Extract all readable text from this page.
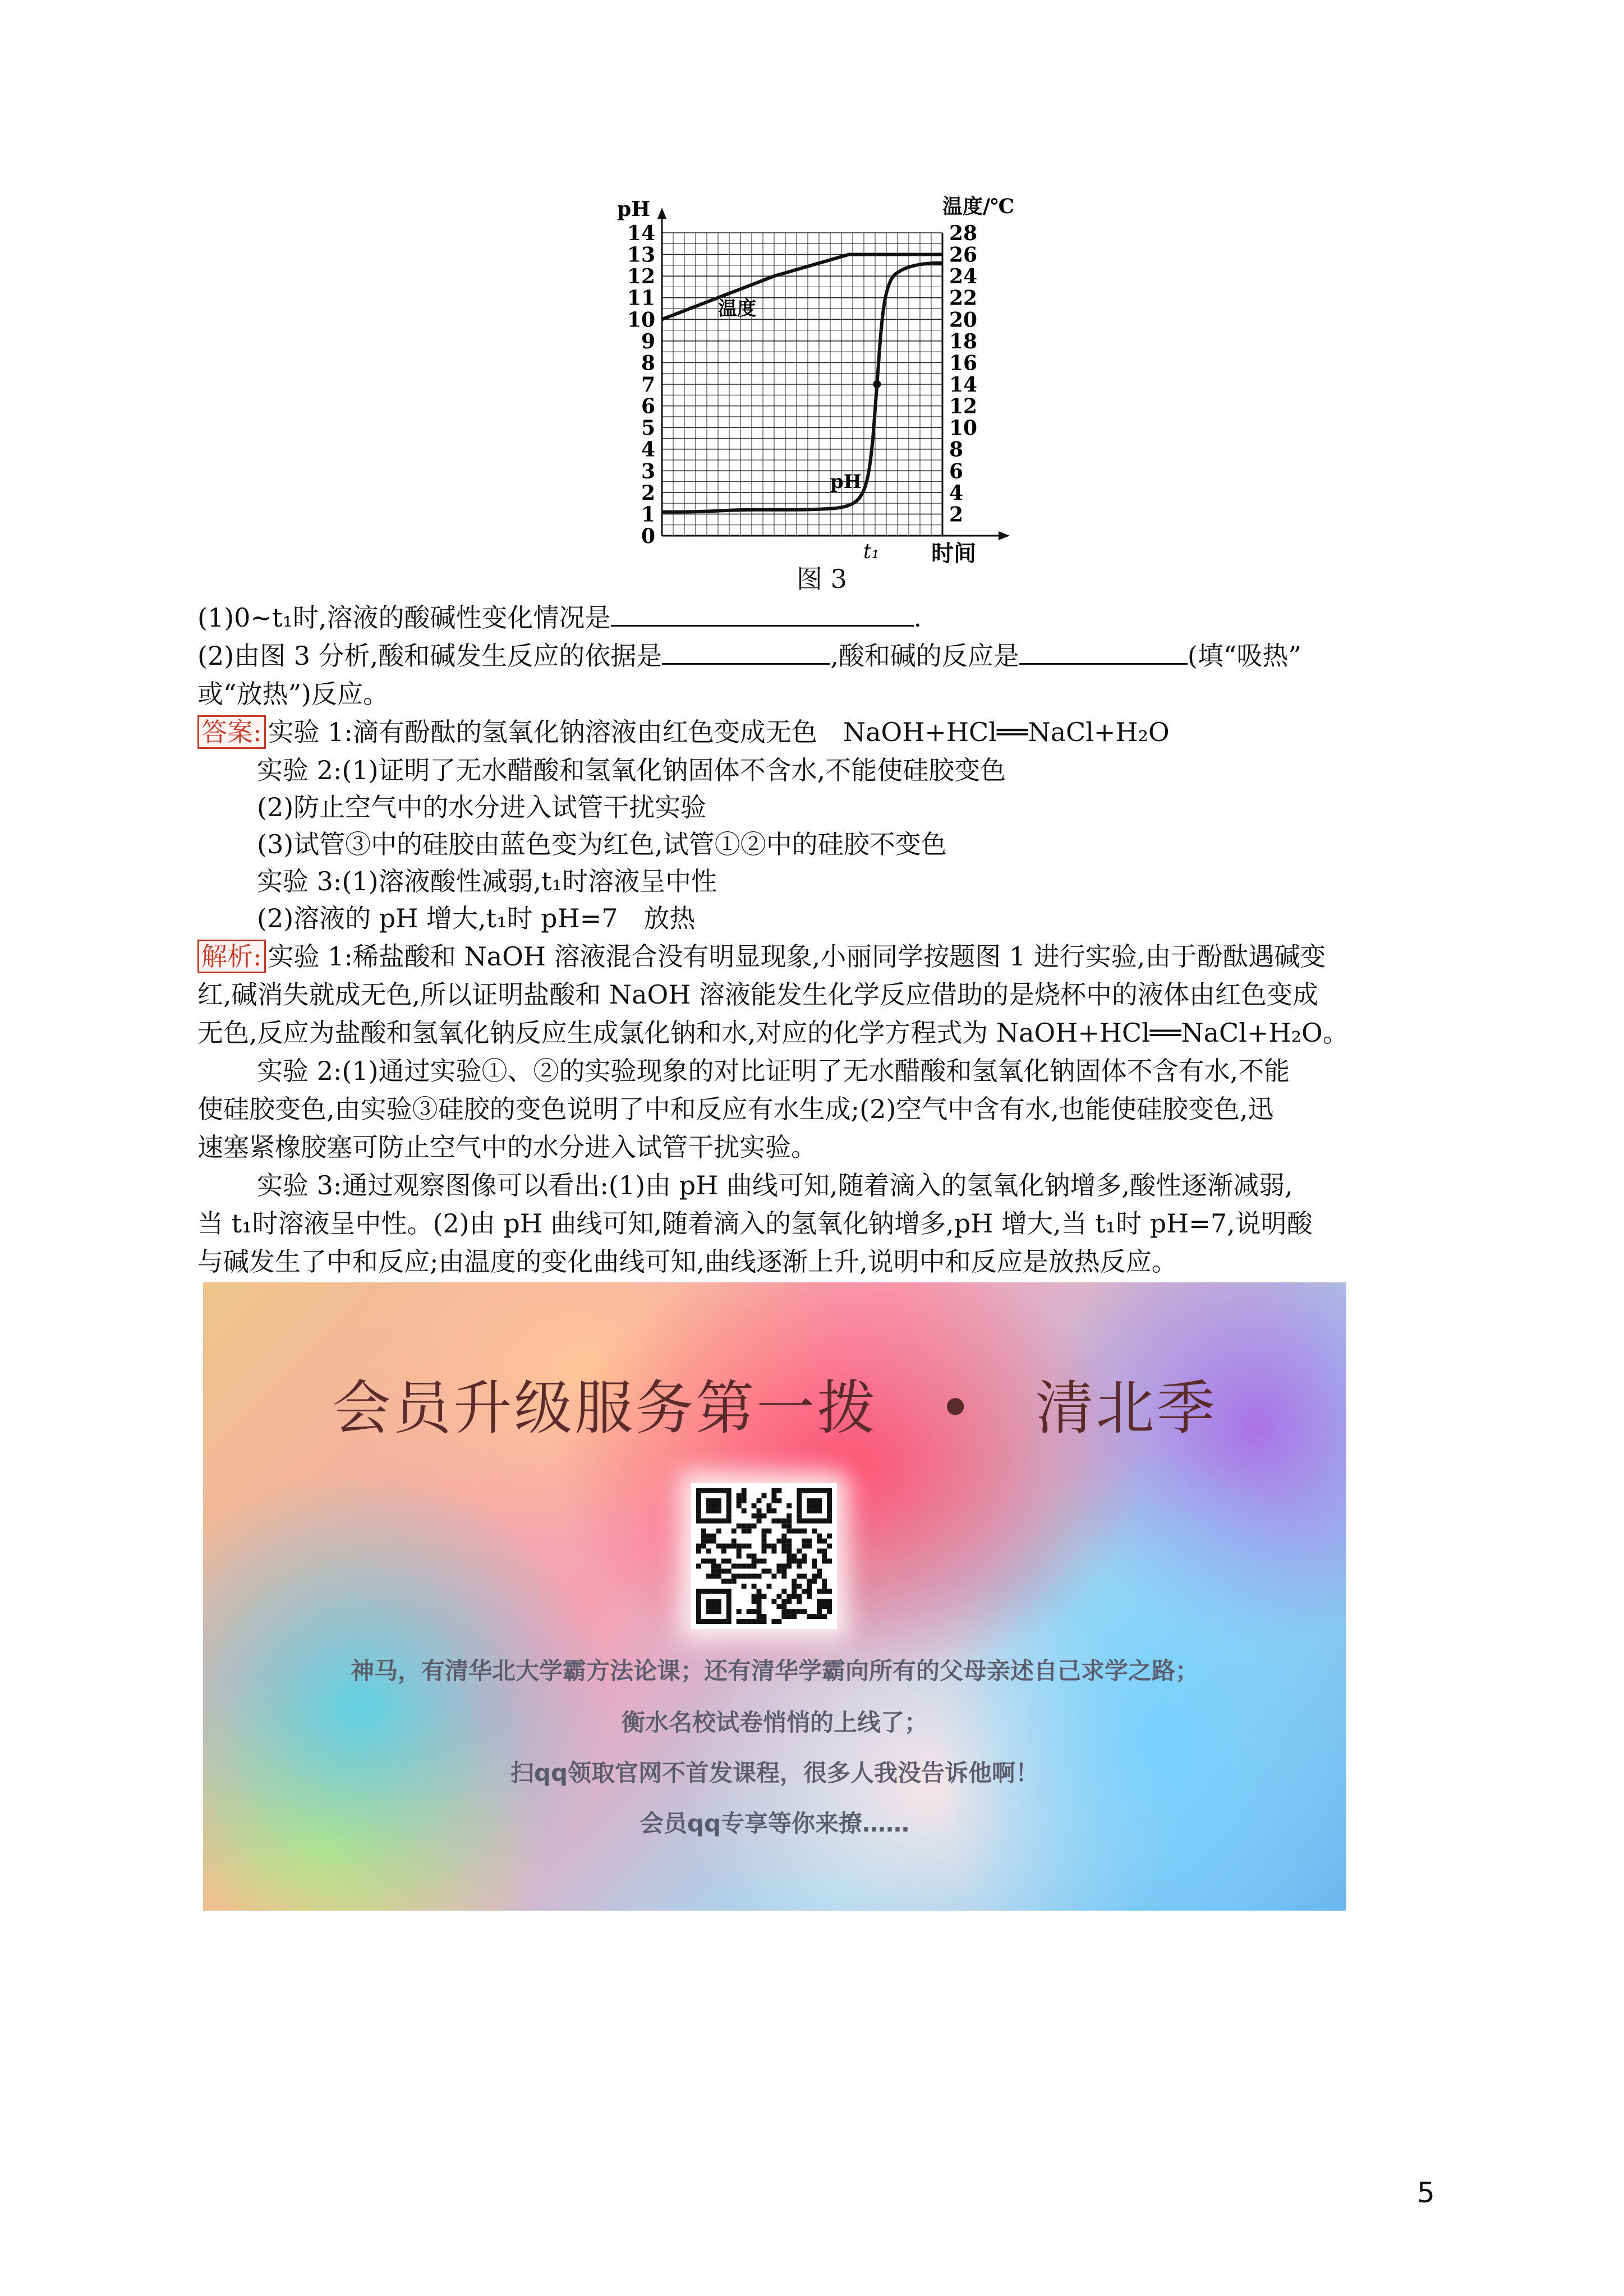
0
1
2
3
4
5
6
7
8
9
10
11
12
13
14
2
4
6
8
10
12
14
16
18
20
22
24
26
28
pH	温度/℃
时间
t₁
pH
温度
图 3
(1)0~t₁时,溶液的酸碱性变化情况是	.
(2)由图 3 分析,酸和碱发生反应的依据是	,酸和碱的反应是	(填“吸热”
或“放热”)反应。
答案: 实验 1:滴有酚酞的氢氧化钠溶液由红色变成无色　NaOH+HCl══NaCl+H₂O
实验 2:(1)证明了无水醋酸和氢氧化钠固体不含水,不能使硅胶变色
(2)防止空气中的水分进入试管干扰实验
(3)试管③中的硅胶由蓝色变为红色,试管①②中的硅胶不变色
实验 3:(1)溶液酸性减弱,t₁时溶液呈中性
(2)溶液的 pH 增大,t₁时 pH=7　放热
解析: 实验 1:稀盐酸和 NaOH 溶液混合没有明显现象,小丽同学按题图 1 进行实验,由于酚酞遇碱变
红,碱消失就成无色,所以证明盐酸和 NaOH 溶液能发生化学反应借助的是烧杯中的液体由红色变成
无色,反应为盐酸和氢氧化钠反应生成氯化钠和水,对应的化学方程式为 NaOH+HCl══NaCl+H₂O。
实验 2:(1)通过实验①、②的实验现象的对比证明了无水醋酸和氢氧化钠固体不含有水,不能
使硅胶变色,由实验③硅胶的变色说明了中和反应有水生成;(2)空气中含有水,也能使硅胶变色,迅
速塞紧橡胶塞可防止空气中的水分进入试管干扰实验。
实验 3:通过观察图像可以看出:(1)由 pH 曲线可知,随着滴入的氢氧化钠增多,酸性逐渐减弱,
当 t₁时溶液呈中性。(2)由 pH 曲线可知,随着滴入的氢氧化钠增多,pH 增大,当 t₁时 pH=7,说明酸
与碱发生了中和反应;由温度的变化曲线可知,曲线逐渐上升,说明中和反应是放热反应。
会员升级服务第一拨　•　清北季
神马，有清华北大学霸方法论课；还有清华学霸向所有的父母亲述自己求学之路；
衡水名校试卷悄悄的上线了；
扫qq领取官网不首发课程，很多人我没告诉他啊！
会员qq专享等你来撩……
5
